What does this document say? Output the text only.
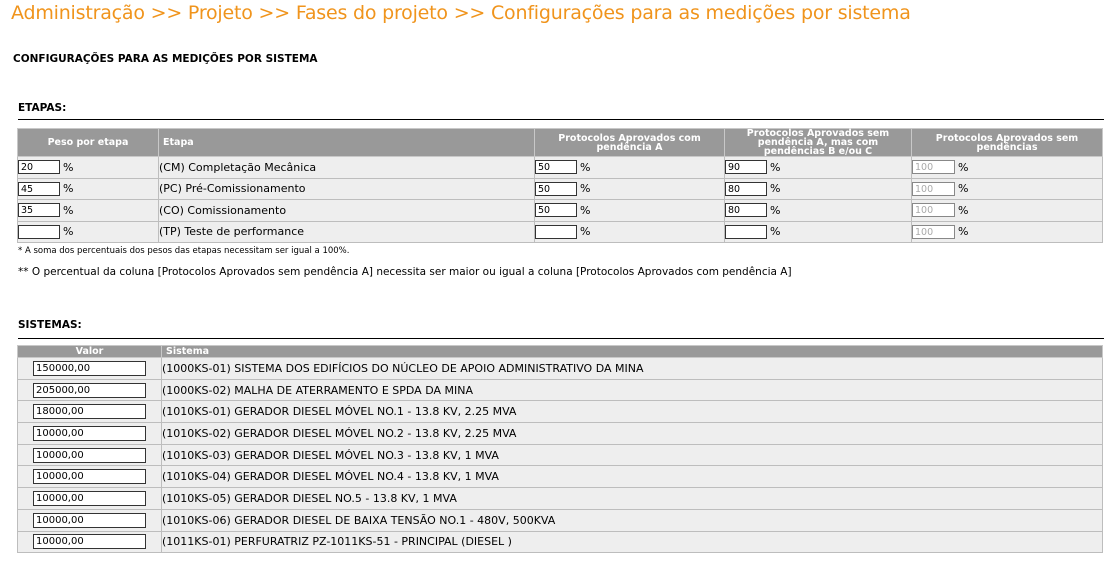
Administração >> Projeto >> Fases do projeto >> Configurações para as medições por sistema
CONFIGURAÇÕES PARA AS MEDIÇÕES POR SISTEMA
ETAPAS:
Peso por etapa	Etapa	Protocolos Aprovados com pendência A	Protocolos Aprovados sem pendência A, mas com pendências B e/ou C	Protocolos Aprovados sem pendências
20 %	(CM) Completação Mecânica	50 %	90 %	100 %
45 %	(PC) Pré-Comissionamento	50 %	80 %	100 %
35 %	(CO) Comissionamento	50 %	80 %	100 %
%	(TP) Teste de performance	%	%	100 %
* A soma dos percentuais dos pesos das etapas necessitam ser igual a 100%.
** O percentual da coluna [Protocolos Aprovados sem pendência A] necessita ser maior ou igual a coluna [Protocolos Aprovados com pendência A]
SISTEMAS:
Valor	Sistema
150000,00	(1000KS-01) SISTEMA DOS EDIFÍCIOS DO NÚCLEO DE APOIO ADMINISTRATIVO DA MINA
205000,00	(1000KS-02) MALHA DE ATERRAMENTO E SPDA DA MINA
18000,00	(1010KS-01) GERADOR DIESEL MÓVEL NO.1 - 13.8 KV, 2.25 MVA
10000,00	(1010KS-02) GERADOR DIESEL MÓVEL NO.2 - 13.8 KV, 2.25 MVA
10000,00	(1010KS-03) GERADOR DIESEL MÓVEL NO.3 - 13.8 KV, 1 MVA
10000,00	(1010KS-04) GERADOR DIESEL MÓVEL NO.4 - 13.8 KV, 1 MVA
10000,00	(1010KS-05) GERADOR DIESEL NO.5 - 13.8 KV, 1 MVA
10000,00	(1010KS-06) GERADOR DIESEL DE BAIXA TENSÃO NO.1 - 480V, 500KVA
10000,00	(1011KS-01) PERFURATRIZ PZ-1011KS-51 - PRINCIPAL (DIESEL )
